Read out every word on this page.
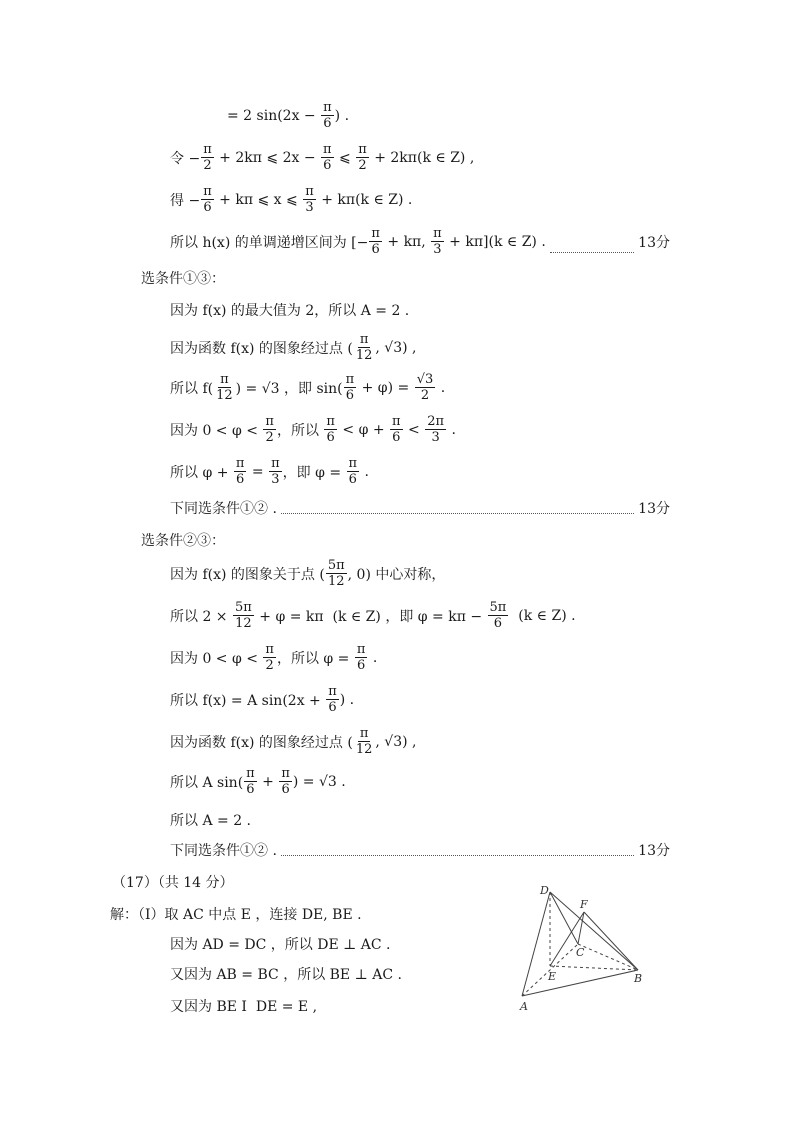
= 2 $\sin(2x - \frac{\pi}{6}$ ) .
令 − $\frac{\pi}{2} + 2k\pi$ ⩽ $2x - \frac{\pi}{6}$ ⩽ $\frac{\pi}{2} + 2k\pi(k$ ∈ Z) ,
得 − $\frac{\pi}{6} + k\pi$ ⩽ x ⩽ $\frac{\pi}{3} + k\pi(k$ ∈ Z) .
所以 h(x) 的单调递增区间为 [− $\frac{\pi}{6} + k\pi$, $\frac{\pi}{3} + k\pi](k$ ∈ Z) .	13分
选条件①③：
因为 f(x) 的最大值为 2，所以 A = 2 .
因为函数 f(x) 的图象经过点 ( $\frac{\pi}{12}$ , √3) ,
所以 $f( \frac{\pi}{12}$ ) = √3 ，即 $\sin( \frac{\pi}{6} + \varphi) = \frac{√3}{2}$ .
因为 $0 < \varphi < \frac{\pi}{2}$ ，所以 $\frac{\pi}{6} < \varphi + \frac{\pi}{6} < \frac{2\pi}{3}$ .
所以 $\varphi + \frac{\pi}{6} = \frac{\pi}{3}$ ，即 $\varphi = \frac{\pi}{6}$ .
下同选条件①② .	13分
选条件②③：
因为 f(x) 的图象关于点 ( $\frac{5\pi}{12}$ , 0) 中心对称，
所以 $2 \times \frac{5\pi}{12} + \varphi = k\pi$  (k ∈ Z) ，即 $\varphi = k\pi - \frac{5\pi}{6} (k$ ∈ Z) .
因为 $0 < \varphi < \frac{\pi}{2}$ ，所以 $\varphi = \frac{\pi}{6}$ .
所以 f(x) = A $\sin(2x + \frac{\pi}{6}$ ) .
因为函数 f(x) 的图象经过点 ( $\frac{\pi}{12}$ , √3) ,
所以 A $\sin( \frac{\pi}{6} + \frac{\pi}{6}$ ) = √3 .
所以 A = 2 .
下同选条件①② .	13分
（17）（共 14 分）
解：（Ⅰ）取 AC 中点 E ，连接 DE, BE .
因为 AD = DC ，所以 DE ⊥ AC .
又因为 AB = BC ，所以 BE ⊥ AC .
又因为 BE I  DE = E ,
D
F
C
E	B
A
